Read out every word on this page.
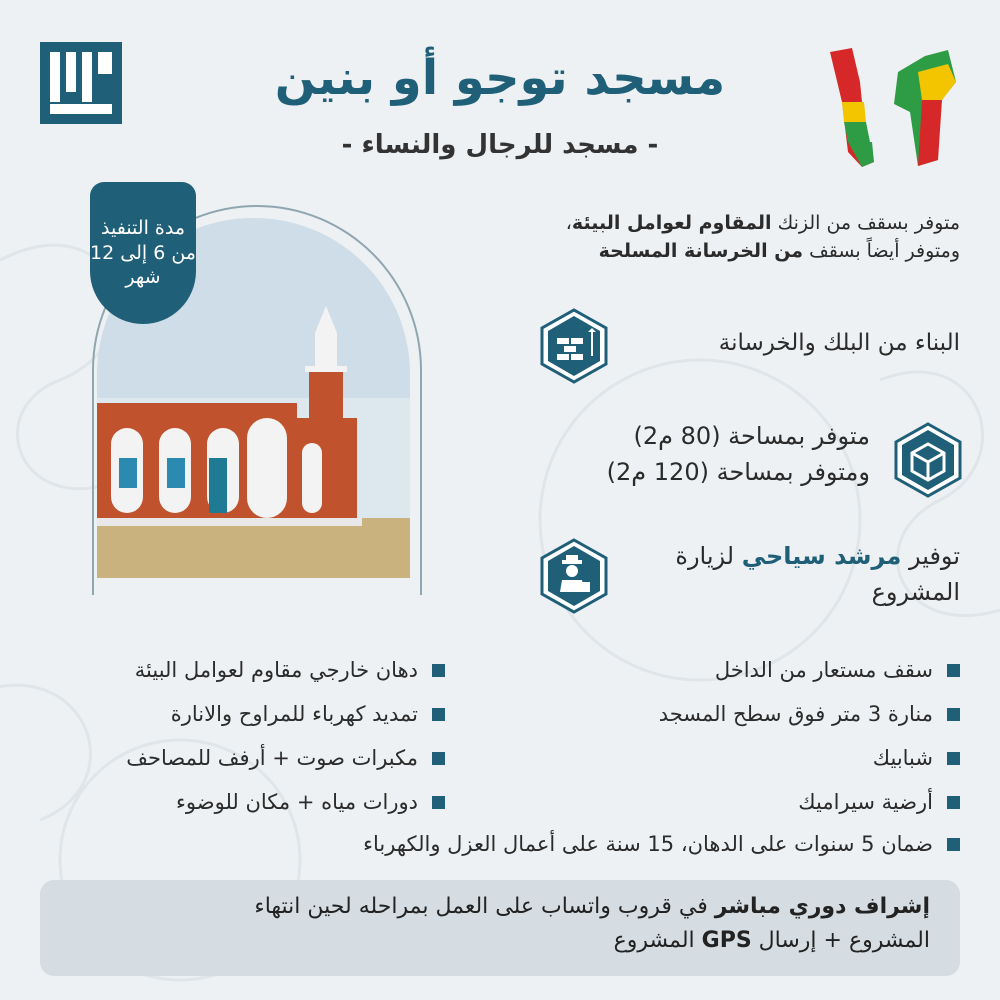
مسجد توجو أو بنين
- مسجد للرجال والنساء -
مدة التنفيذ
من 6 إلى 12
شهر
متوفر بسقف من الزنك المقاوم لعوامل البيئة،
ومتوفر أيضاً بسقف من الخرسانة المسلحة
البناء من البلك والخرسانة
متوفر بمساحة (80 م2)
ومتوفر بمساحة (120 م2)
توفير مرشد سياحي لزيارة
المشروع
سقف مستعار من الداخل
منارة 3 متر فوق سطح المسجد
شبابيك
أرضية سيراميك
دهان خارجي مقاوم لعوامل البيئة
تمديد كهرباء للمراوح والانارة
مكبرات صوت + أرفف للمصاحف
دورات مياه + مكان للوضوء
ضمان 5 سنوات على الدهان، 15 سنة على أعمال العزل والكهرباء
إشراف دوري مباشر في قروب واتساب على العمل بمراحله لحين انتهاء
المشروع + إرسال GPS المشروع
